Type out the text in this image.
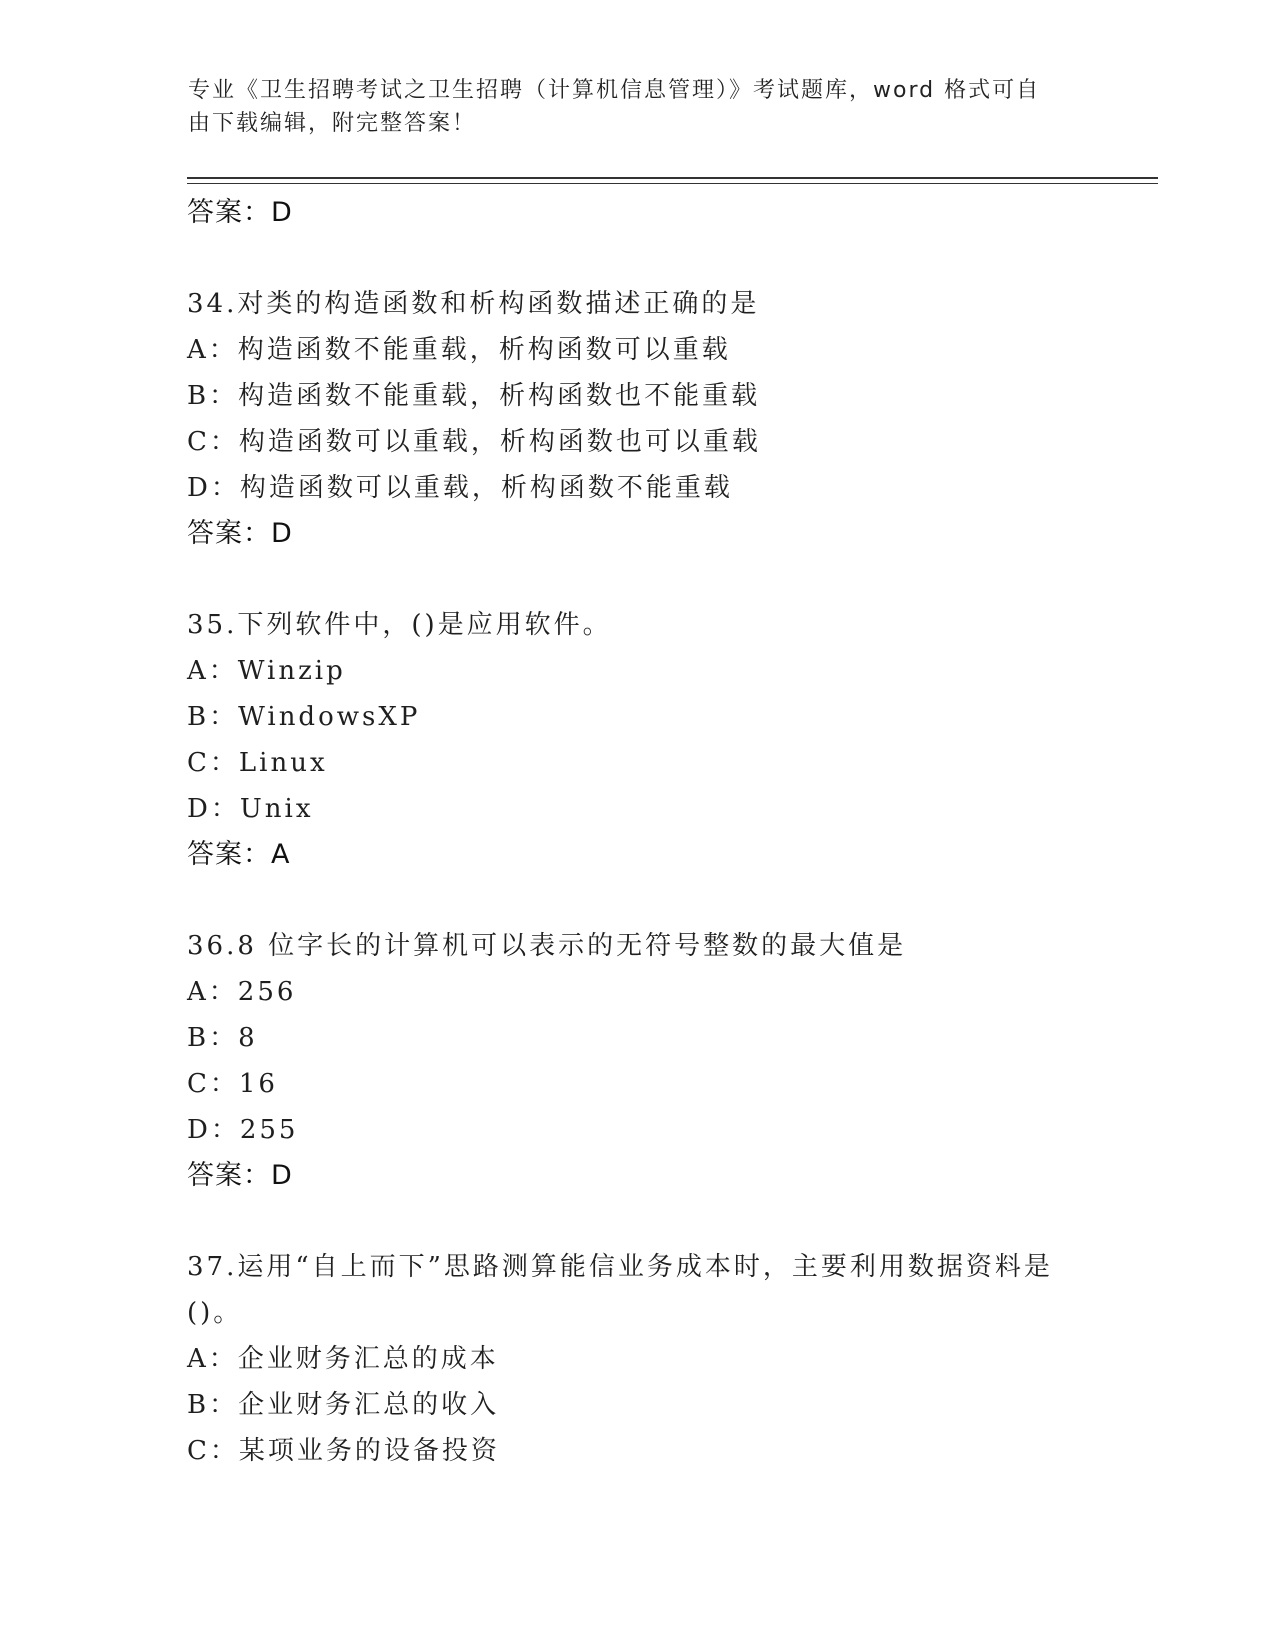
专业《卫生招聘考试之卫生招聘（计算机信息管理）》考试题库，word 格式可自
由下载编辑，附完整答案！
答案：D
34.对类的构造函数和析构函数描述正确的是
A：构造函数不能重载，析构函数可以重载
B：构造函数不能重载，析构函数也不能重载
C：构造函数可以重载，析构函数也可以重载
D：构造函数可以重载，析构函数不能重载
答案：D
35.下列软件中，()是应用软件。
A：Winzip
B：WindowsXP
C：Linux
D：Unix
答案：A
36.8 位字长的计算机可以表示的无符号整数的最大值是
A：256
B：8
C：16
D：255
答案：D
37.运用“自上而下”思路测算能信业务成本时，主要利用数据资料是
()。
A：企业财务汇总的成本
B：企业财务汇总的收入
C：某项业务的设备投资
